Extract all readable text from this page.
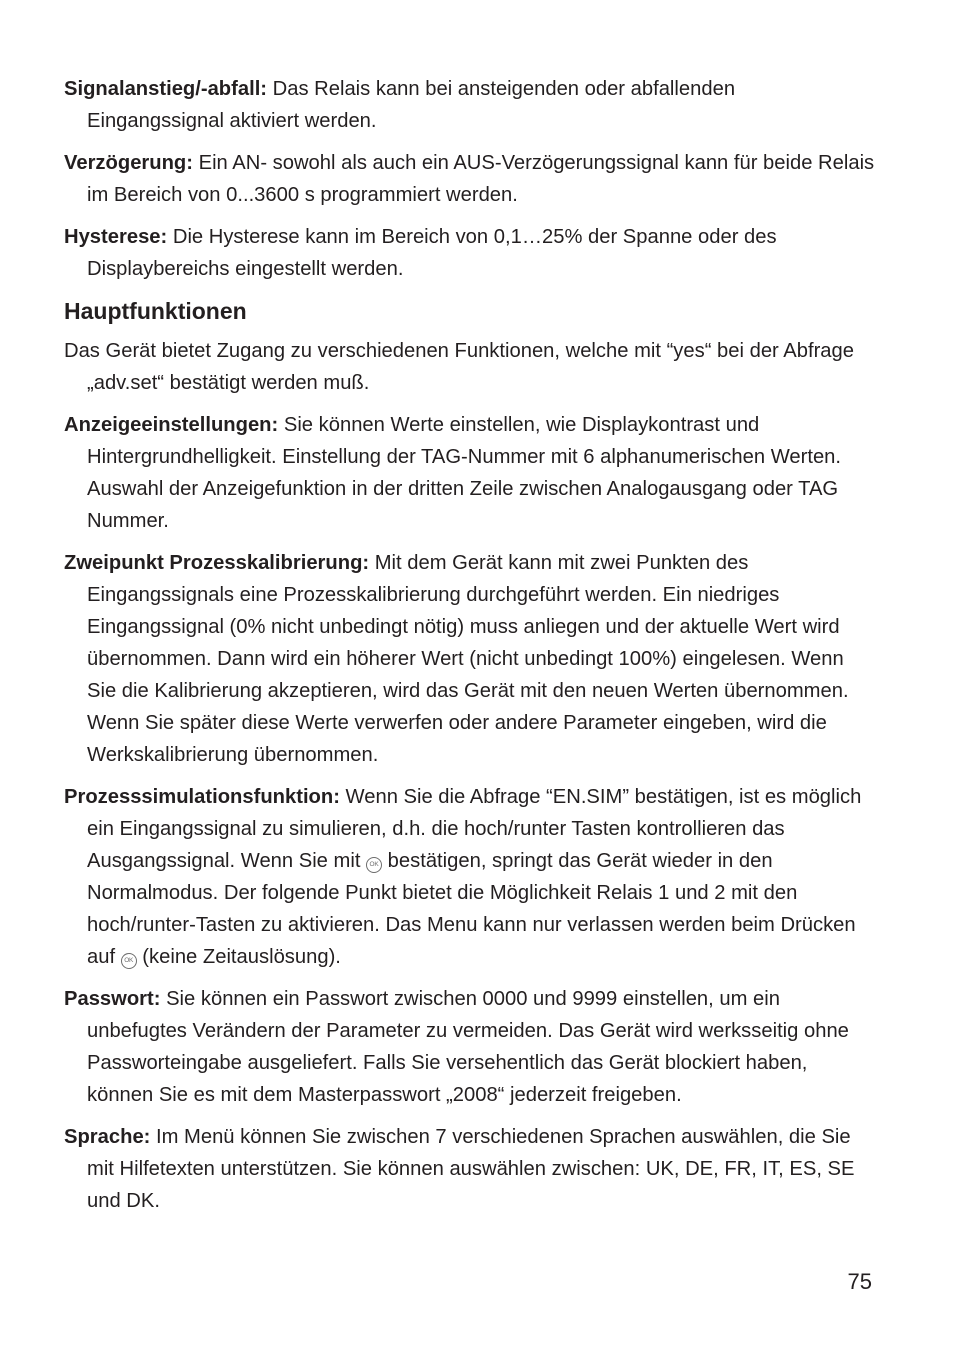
Signalanstieg/-abfall: Das Relais kann bei ansteigenden oder abfallenden Eingangssignal aktiviert werden.

Verzögerung: Ein AN- sowohl als auch ein AUS-Verzögerungssignal kann für beide Relais im Bereich von 0...3600 s programmiert werden.

Hysterese: Die Hysterese kann im Bereich von 0,1…25% der Spanne oder des Displaybereichs eingestellt werden.

Hauptfunktionen

Das Gerät bietet Zugang zu verschiedenen Funktionen, welche mit “yes“ bei der Abfrage „adv.set“ bestätigt werden muß.

Anzeigeeinstellungen: Sie können Werte einstellen, wie Displaykontrast und Hintergrundhelligkeit. Einstellung der TAG-Nummer mit 6 alphanumerischen Werten. Auswahl der Anzeigefunktion in der dritten Zeile zwischen Analogausgang oder TAG Nummer.

Zweipunkt Prozesskalibrierung: Mit dem Gerät kann mit zwei Punkten des Eingangssignals eine Prozesskalibrierung durchgeführt werden. Ein niedriges Eingangssignal (0% nicht unbedingt nötig) muss anliegen und der aktuelle Wert wird übernommen. Dann wird ein höherer Wert (nicht unbedingt 100%) eingelesen. Wenn Sie die Kalibrierung akzeptieren, wird das Gerät mit den neuen Werten übernommen. Wenn Sie später diese Werte verwerfen oder andere Parameter eingeben, wird die Werkskalibrierung übernommen.

Prozesssimulationsfunktion: Wenn Sie die Abfrage “EN.SIM” bestätigen, ist es möglich ein Eingangssignal zu simulieren, d.h. die hoch/runter Tasten kontrollieren das Ausgangssignal. Wenn Sie mit OK bestätigen, springt das Gerät wieder in den Normalmodus. Der folgende Punkt bietet die Möglichkeit Relais 1 und 2 mit den hoch/runter-Tasten zu aktivieren. Das Menu kann nur verlassen werden beim Drücken auf OK (keine Zeitauslösung).

Passwort: Sie können ein Passwort zwischen 0000 und 9999 einstellen, um ein unbefugtes Verändern der Parameter zu vermeiden. Das Gerät wird werksseitig ohne Passworteingabe ausgeliefert. Falls Sie versehentlich das Gerät blockiert haben, können Sie es mit dem Masterpasswort „2008“ jederzeit freigeben.

Sprache: Im Menü können Sie zwischen 7 verschiedenen Sprachen auswählen, die Sie mit Hilfetexten unterstützen. Sie können auswählen zwischen: UK, DE, FR, IT, ES, SE und DK.

75
